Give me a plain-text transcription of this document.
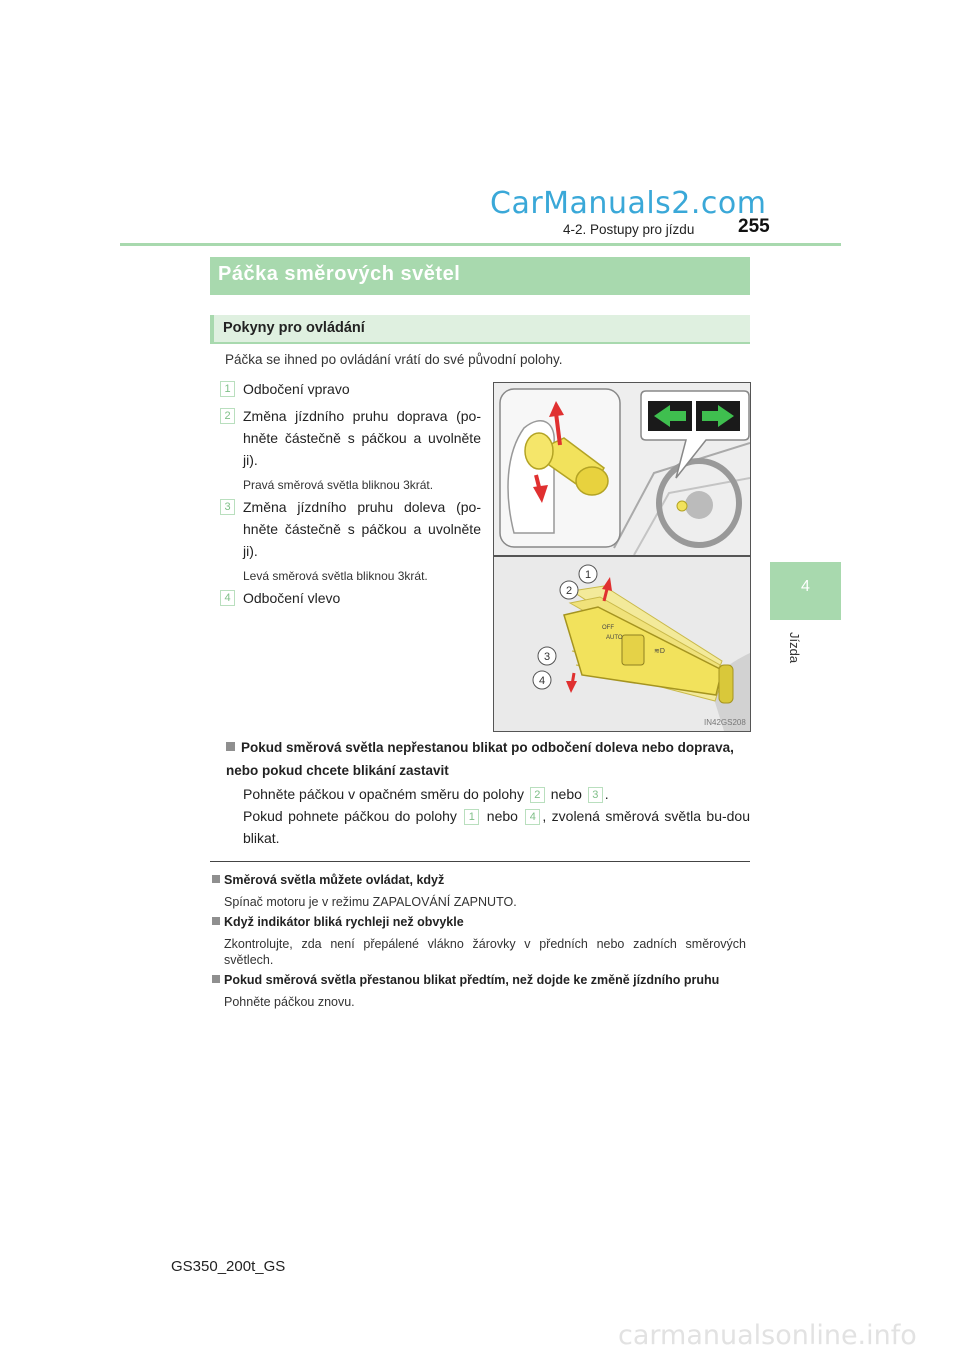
CarManuals2.com
4-2. Postupy pro jízdu 255
4
Jízda
Páčka směrových světel
Pokyny pro ovládání
Páčka se ihned po ovládání vrátí do své původní polohy.
1 Odbočení vpravo
2 Změna jízdního pruhu doprava (po-hněte částečně s páčkou a uvolněte ji).
Pravá směrová světla bliknou 3krát.
3 Změna jízdního pruhu doleva (po-hněte částečně s páčkou a uvolněte ji).
Levá směrová světla bliknou 3krát.
4 Odbočení vlevo
AUTO
OFF
≋D
1
2
3
4
IN42GS208
Pokud směrová světla nepřestanou blikat po odbočení doleva nebo doprava, nebo pokud chcete blikání zastavit
Pohněte páčkou v opačném směru do polohy 2 nebo 3 .
Pokud pohnete páčkou do polohy 1 nebo 4 , zvolená směrová světla bu-dou blikat.
Směrová světla můžete ovládat, když
Spínač motoru je v režimu ZAPALOVÁNÍ ZAPNUTO.
Když indikátor bliká rychleji než obvykle
Zkontrolujte, zda není přepálené vlákno žárovky v předních nebo zadních směrových světlech.
Pokud směrová světla přestanou blikat předtím, než dojde ke změně jízdního pruhu
Pohněte páčkou znovu.
GS350_200t_GS
carmanualsonline.info
